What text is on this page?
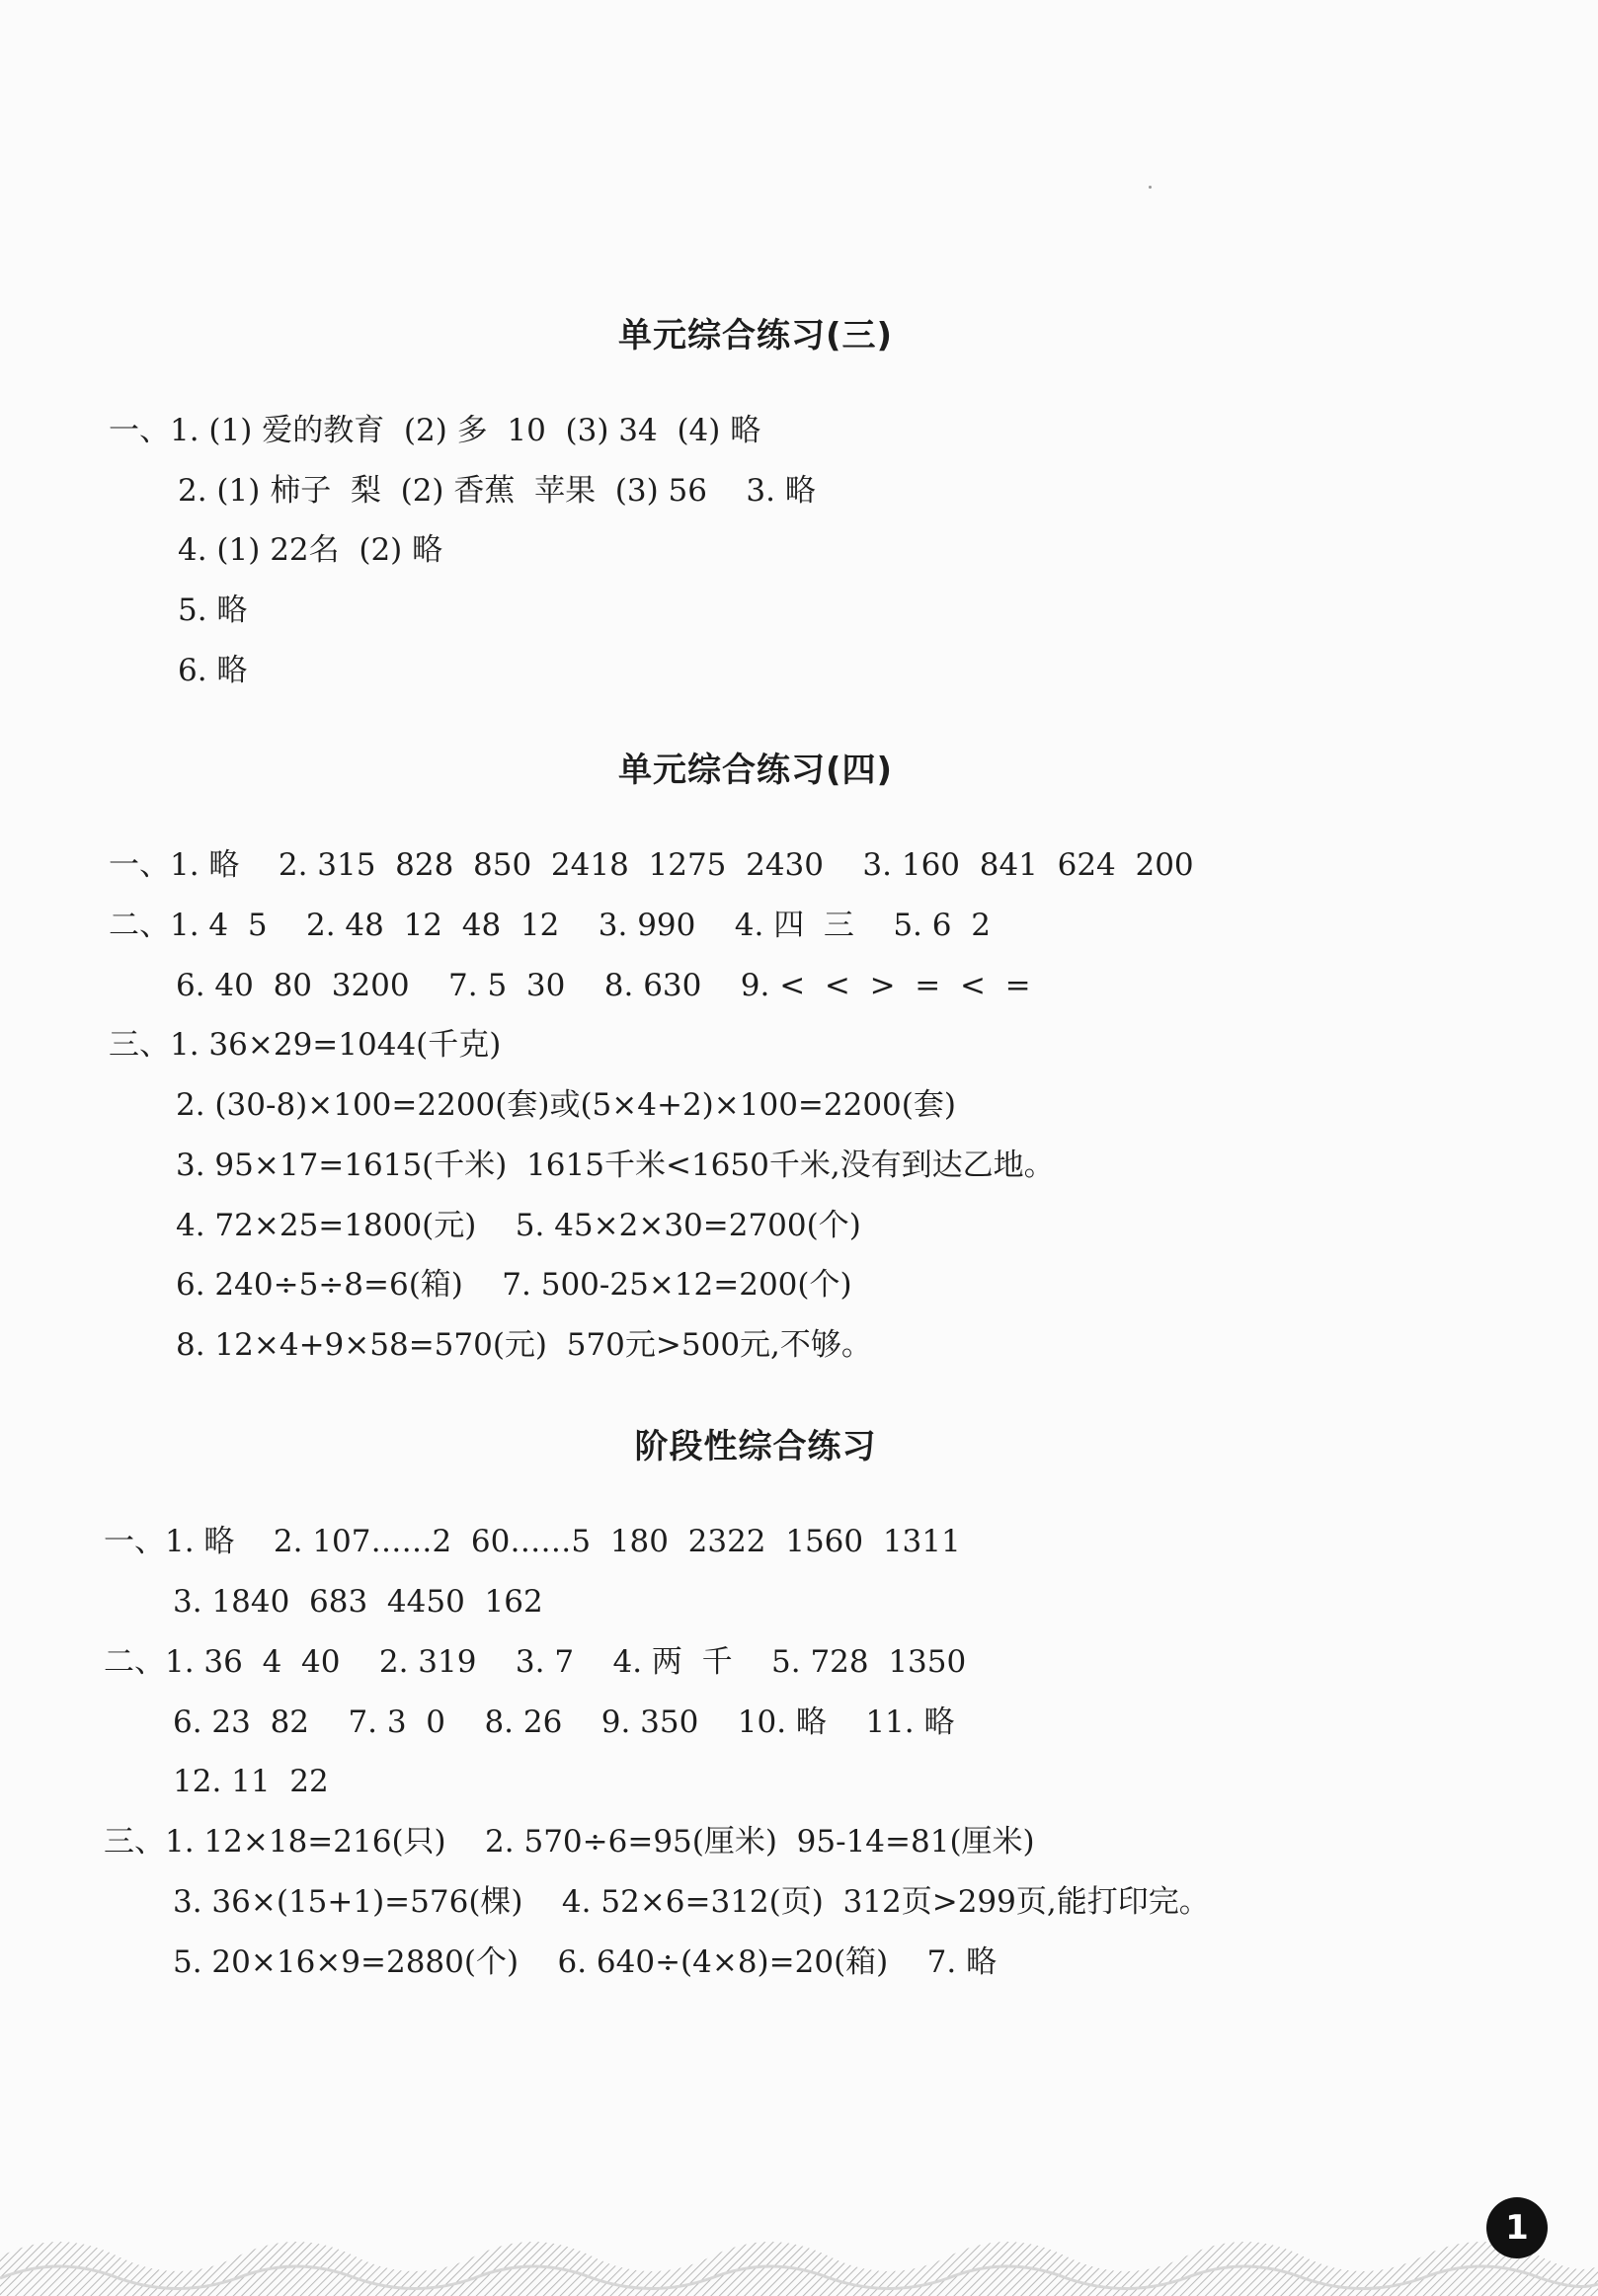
单元综合练习(三)
一、1. (1) 爱的教育  (2) 多  10  (3) 34  (4) 略
2. (1) 柿子  梨  (2) 香蕉  苹果  (3) 56    3. 略
4. (1) 22名  (2) 略
5. 略
6. 略
单元综合练习(四)
一、1. 略    2. 315  828  850  2418  1275  2430    3. 160  841  624  200
二、1. 4  5    2. 48  12  48  12    3. 990    4. 四  三    5. 6  2
6. 40  80  3200    7. 5  30    8. 630    9. <  <  >  =  <  =
三、1. 36×29=1044(千克)
2. (30-8)×100=2200(套)或(5×4+2)×100=2200(套)
3. 95×17=1615(千米)  1615千米<1650千米,没有到达乙地。
4. 72×25=1800(元)    5. 45×2×30=2700(个)
6. 240÷5÷8=6(箱)    7. 500-25×12=200(个)
8. 12×4+9×58=570(元)  570元>500元,不够。
阶段性综合练习
一、1. 略    2. 107……2  60……5  180  2322  1560  1311
3. 1840  683  4450  162
二、1. 36  4  40    2. 319    3. 7    4. 两  千    5. 728  1350
6. 23  82    7. 3  0    8. 26    9. 350    10. 略    11. 略
12. 11  22
三、1. 12×18=216(只)    2. 570÷6=95(厘米)  95-14=81(厘米)
3. 36×(15+1)=576(棵)    4. 52×6=312(页)  312页>299页,能打印完。
5. 20×16×9=2880(个)    6. 640÷(4×8)=20(箱)    7. 略
1
